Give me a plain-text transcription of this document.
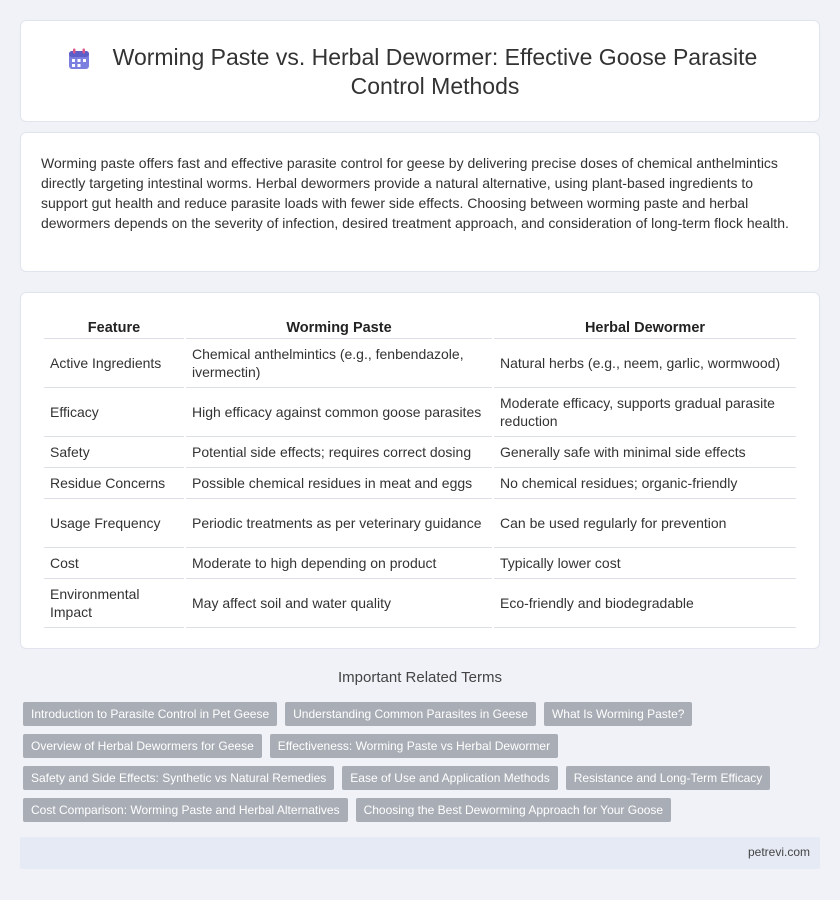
Worming Paste vs. Herbal Dewormer: Effective Goose Parasite Control Methods

Worming paste offers fast and effective parasite control for geese by delivering precise doses of chemical anthelmintics directly targeting intestinal worms. Herbal dewormers provide a natural alternative, using plant-based ingredients to support gut health and reduce parasite loads with fewer side effects. Choosing between worming paste and herbal dewormers depends on the severity of infection, desired treatment approach, and consideration of long-term flock health.

Feature	Worming Paste	Herbal Dewormer
Active Ingredients	Chemical anthelmintics (e.g., fenbendazole, ivermectin)	Natural herbs (e.g., neem, garlic, wormwood)
Efficacy	High efficacy against common goose parasites	Moderate efficacy, supports gradual parasite reduction
Safety	Potential side effects; requires correct dosing	Generally safe with minimal side effects
Residue Concerns	Possible chemical residues in meat and eggs	No chemical residues; organic-friendly
Usage Frequency	Periodic treatments as per veterinary guidance	Can be used regularly for prevention
Cost	Moderate to high depending on product	Typically lower cost
Environmental Impact	May affect soil and water quality	Eco-friendly and biodegradable
Important Related Terms
Introduction to Parasite Control in Pet Geese	Understanding Common Parasites in Geese	What Is Worming Paste?
Overview of Herbal Dewormers for Geese	Effectiveness: Worming Paste vs Herbal Dewormer
Safety and Side Effects: Synthetic vs Natural Remedies	Ease of Use and Application Methods	Resistance and Long-Term Efficacy
Cost Comparison: Worming Paste and Herbal Alternatives	Choosing the Best Deworming Approach for Your Goose
petrevi.com
